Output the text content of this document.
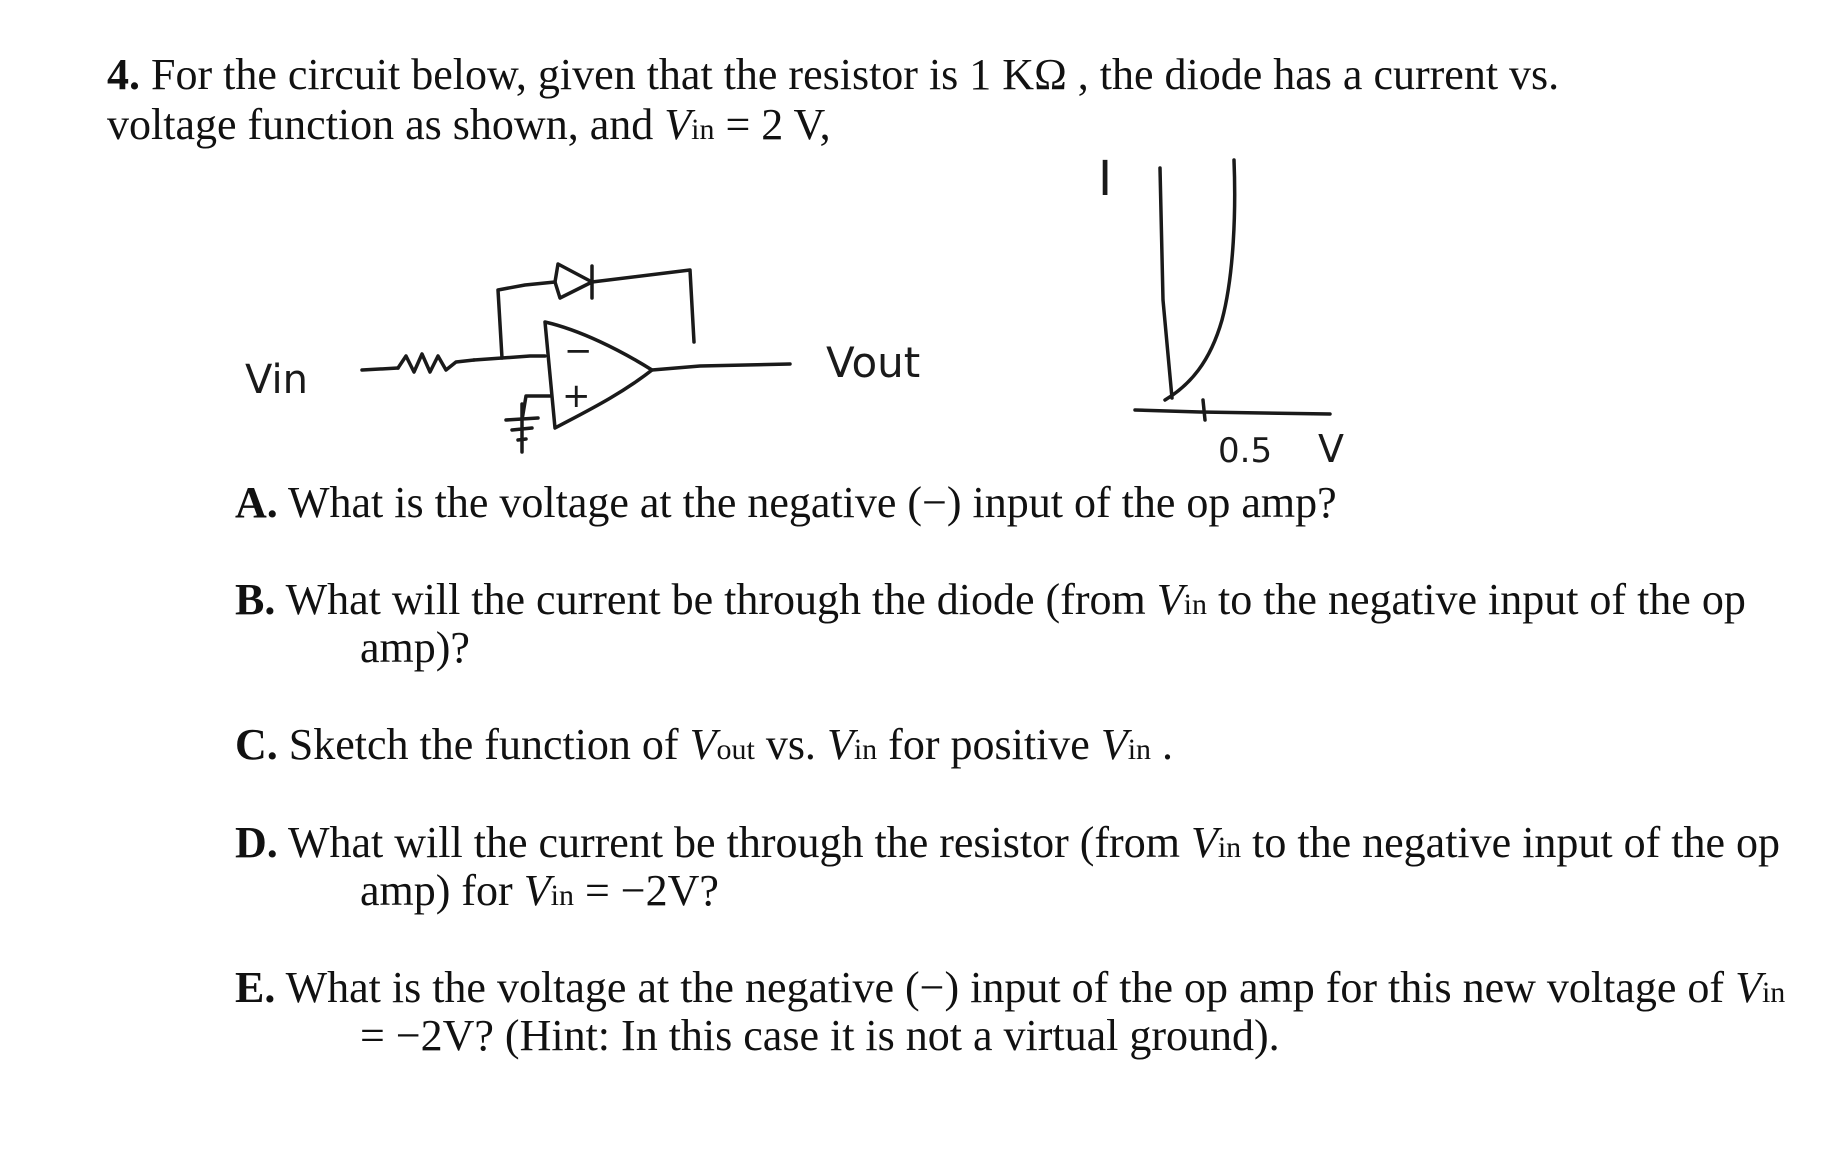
4. For the circuit below, given that the resistor is 1 KΩ , the diode has a current vs.

voltage function as shown, and Vin = 2 V,

Vin
−
+
Vout
I
0.5 V

A. What is the voltage at the negative (−) input of the op amp?

B. What will the current be through the diode (from Vin to the negative input of the op

amp)?

C. Sketch the function of Vout vs. Vin for positive Vin .

D. What will the current be through the resistor (from Vin to the negative input of the op

amp) for Vin = −2V?

E. What is the voltage at the negative (−) input of the op amp for this new voltage of Vin

= −2V? (Hint: In this case it is not a virtual ground).
